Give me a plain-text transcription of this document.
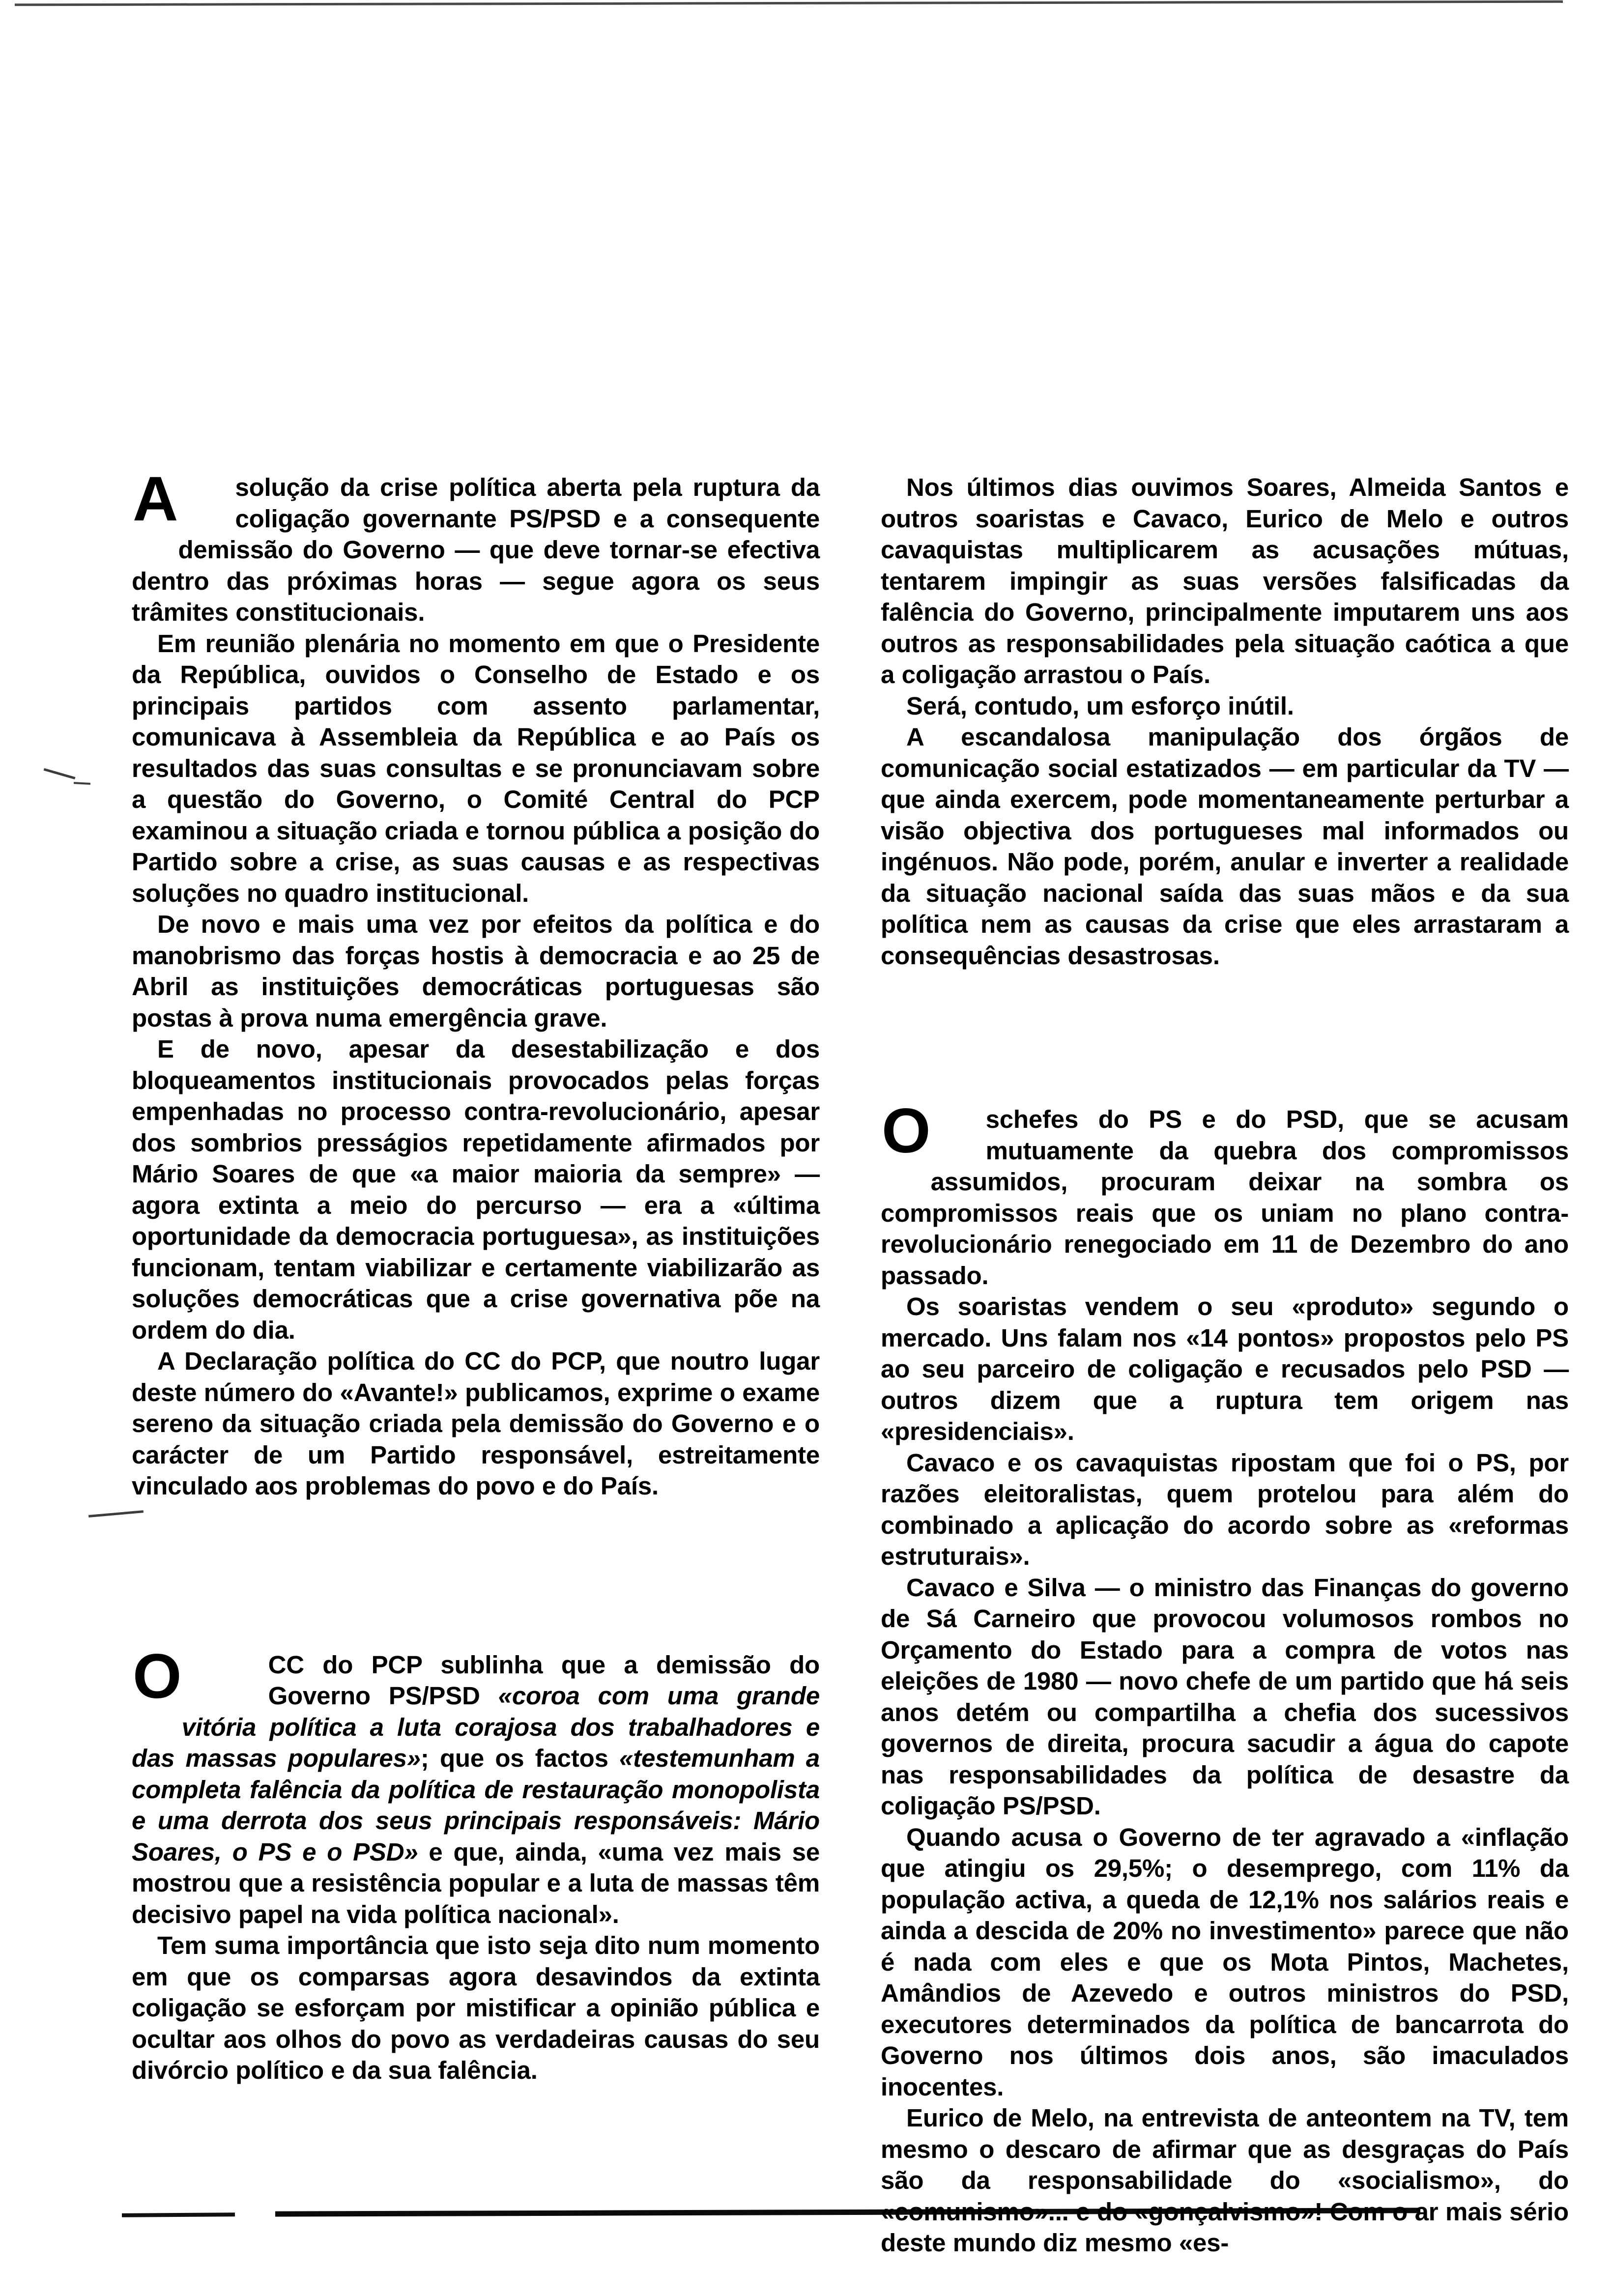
A	solução da crise política aberta pela ruptura da coligação governante PS/PSD e a consequente demissão do Governo — que deve tornar-se efectiva dentro das próximas horas — segue agora os seus trâmites constitucionais.

Em reunião plenária no momento em que o Presidente da República, ouvidos o Conselho de Estado e os principais partidos com assento parlamentar, comunicava à Assembleia da República e ao País os resultados das suas consultas e se pronunciavam sobre a questão do Governo, o Comité Central do PCP examinou a situação criada e tornou pública a posição do Partido sobre a crise, as suas causas e as respectivas soluções no quadro institucional.

De novo e mais uma vez por efeitos da política e do manobrismo das forças hostis à democracia e ao 25 de Abril as instituições democráticas portuguesas são postas à prova numa emergência grave.

E de novo, apesar da desestabilização e dos bloqueamentos institucionais provocados pelas forças empenhadas no processo contra-revolucionário, apesar dos sombrios presságios repetidamente afirmados por Mário Soares de que «a maior maioria da sempre» — agora extinta a meio do percurso — era a «última oportunidade da democracia portuguesa», as instituições funcionam, tentam viabilizar e certamente viabilizarão as soluções democráticas que a crise governativa põe na ordem do dia.

A Declaração política do CC do PCP, que noutro lugar deste número do «Avante!» publicamos, exprime o exame sereno da situação criada pela demissão do Governo e o carácter de um Partido responsável, estreitamente vinculado aos problemas do povo e do País.

O	CC do PCP sublinha que a demissão do Governo PS/PSD «coroa com uma grande vitória política a luta corajosa dos trabalhadores e das massas populares»; que os factos «testemunham a completa falência da política de restauração monopolista e uma derrota dos seus principais responsáveis: Mário Soares, o PS e o PSD» e que, ainda, «uma vez mais se mostrou que a resistência popular e a luta de massas têm decisivo papel na vida política nacional».

Tem suma importância que isto seja dito num momento em que os comparsas agora desavindos da extinta coligação se esforçam por mistificar a opinião pública e ocultar aos olhos do povo as verdadeiras causas do seu divórcio político e da sua falência.

Nos últimos dias ouvimos Soares, Almeida Santos e outros soaristas e Cavaco, Eurico de Melo e outros cavaquistas multiplicarem as acusações mútuas, tentarem impingir as suas versões falsificadas da falência do Governo, principalmente imputarem uns aos outros as responsabilidades pela situação caótica a que a coligação arrastou o País.

Será, contudo, um esforço inútil.

A escandalosa manipulação dos órgãos de comunicação social estatizados — em particular da TV — que ainda exercem, pode momentaneamente perturbar a visão objectiva dos portugueses mal informados ou ingénuos. Não pode, porém, anular e inverter a realidade da situação nacional saída das suas mãos e da sua política nem as causas da crise que eles arrastaram a consequências desastrosas.

O	schefes do PS e do PSD, que se acusam mutuamente da quebra dos compromissos assumidos, procuram deixar na sombra os compromissos reais que os uniam no plano contra-revolucionário renegociado em 11 de Dezembro do ano passado.

Os soaristas vendem o seu «produto» segundo o mercado. Uns falam nos «14 pontos» propostos pelo PS ao seu parceiro de coligação e recusados pelo PSD — outros dizem que a ruptura tem origem nas «presidenciais».

Cavaco e os cavaquistas ripostam que foi o PS, por razões eleitoralistas, quem protelou para além do combinado a aplicação do acordo sobre as «reformas estruturais».

Cavaco e Silva — o ministro das Finanças do governo de Sá Carneiro que provocou volumosos rombos no Orçamento do Estado para a compra de votos nas eleições de 1980 — novo chefe de um partido que há seis anos detém ou compartilha a chefia dos sucessivos governos de direita, procura sacudir a água do capote nas responsabilidades da política de desastre da coligação PS/PSD.

Quando acusa o Governo de ter agravado a «inflação que atingiu os 29,5%; o desemprego, com 11% da população activa, a queda de 12,1% nos salários reais e ainda a descida de 20% no investimento» parece que não é nada com eles e que os Mota Pintos, Machetes, Amândios de Azevedo e outros ministros do PSD, executores determinados da política de bancarrota do Governo nos últimos dois anos, são imaculados inocentes.

Eurico de Melo, na entrevista de anteontem na TV, tem mesmo o descaro de afirmar que as desgraças do País são da responsabilidade do «socialismo», do «comunismo»... e do «gonçalvismo»! Com o ar mais sério deste mundo diz mesmo «es-
